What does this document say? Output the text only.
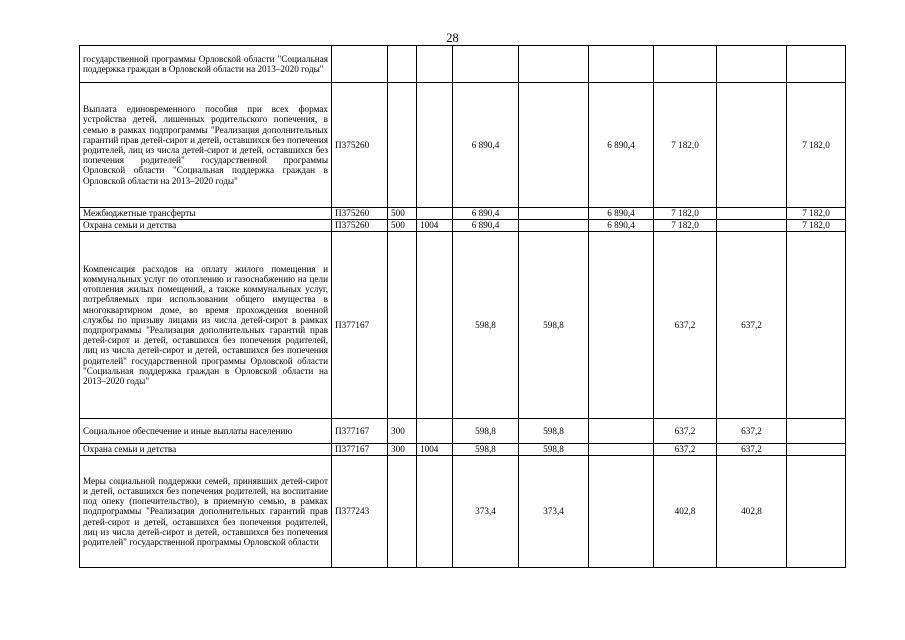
28
государственной программы Орловской области "Социальная поддержка граждан в Орловской области на 2013–2020 годы"									
Выплата единовременного пособия при всех формах устройства детей, лишенных родительского попечения, в семью в рамках подпрограммы "Реализация дополнительных гарантий прав детей-сирот и детей, оставшихся без попечения родителей, лиц из числа детей-сирот и детей, оставшихся без попечения родителей" государственной программы Орловской области "Социальная поддержка граждан в Орловской области на 2013–2020 годы"	П375260			6 890,4		6 890,4	7 182,0		7 182,0
Межбюджетные трансферты	П375260	500		6 890,4		6 890,4	7 182,0		7 182,0
Охрана семьи и детства	П375260	500	1004	6 890,4		6 890,4	7 182,0		7 182,0
Компенсация расходов на оплату жилого помещения и коммунальных услуг по отоплению и газоснабжению на цели отопления жилых помещений, а также коммунальных услуг, потребляемых при использовании общего имущества в многоквартирном доме, во время прохождения военной службы по призыву лицами из числа детей-сирот в рамках подпрограммы "Реализация дополнительных гарантий прав детей-сирот и детей, оставшихся без попечения родителей, лиц из числа детей-сирот и детей, оставшихся без попечения родителей" государственной программы Орловской области "Социальная поддержка граждан в Орловской области на 2013–2020 годы"	П377167			598,8	598,8		637,2	637,2	
Социальное обеспечение и иные выплаты населению	П377167	300		598,8	598,8		637,2	637,2	
Охрана семьи и детства	П377167	300	1004	598,8	598,8		637,2	637,2	
Меры социальной поддержки семей, принявших детей-сирот и детей, оставшихся без попечения родителей, на воспитание под опеку (попечительство), в приемную семью, в рамках подпрограммы "Реализация дополнительных гарантий прав детей-сирот и детей, оставшихся без попечения родителей, лиц из числа детей-сирот и детей, оставшихся без попечения родителей" государственной программы Орловской области	П377243			373,4	373,4		402,8	402,8	
